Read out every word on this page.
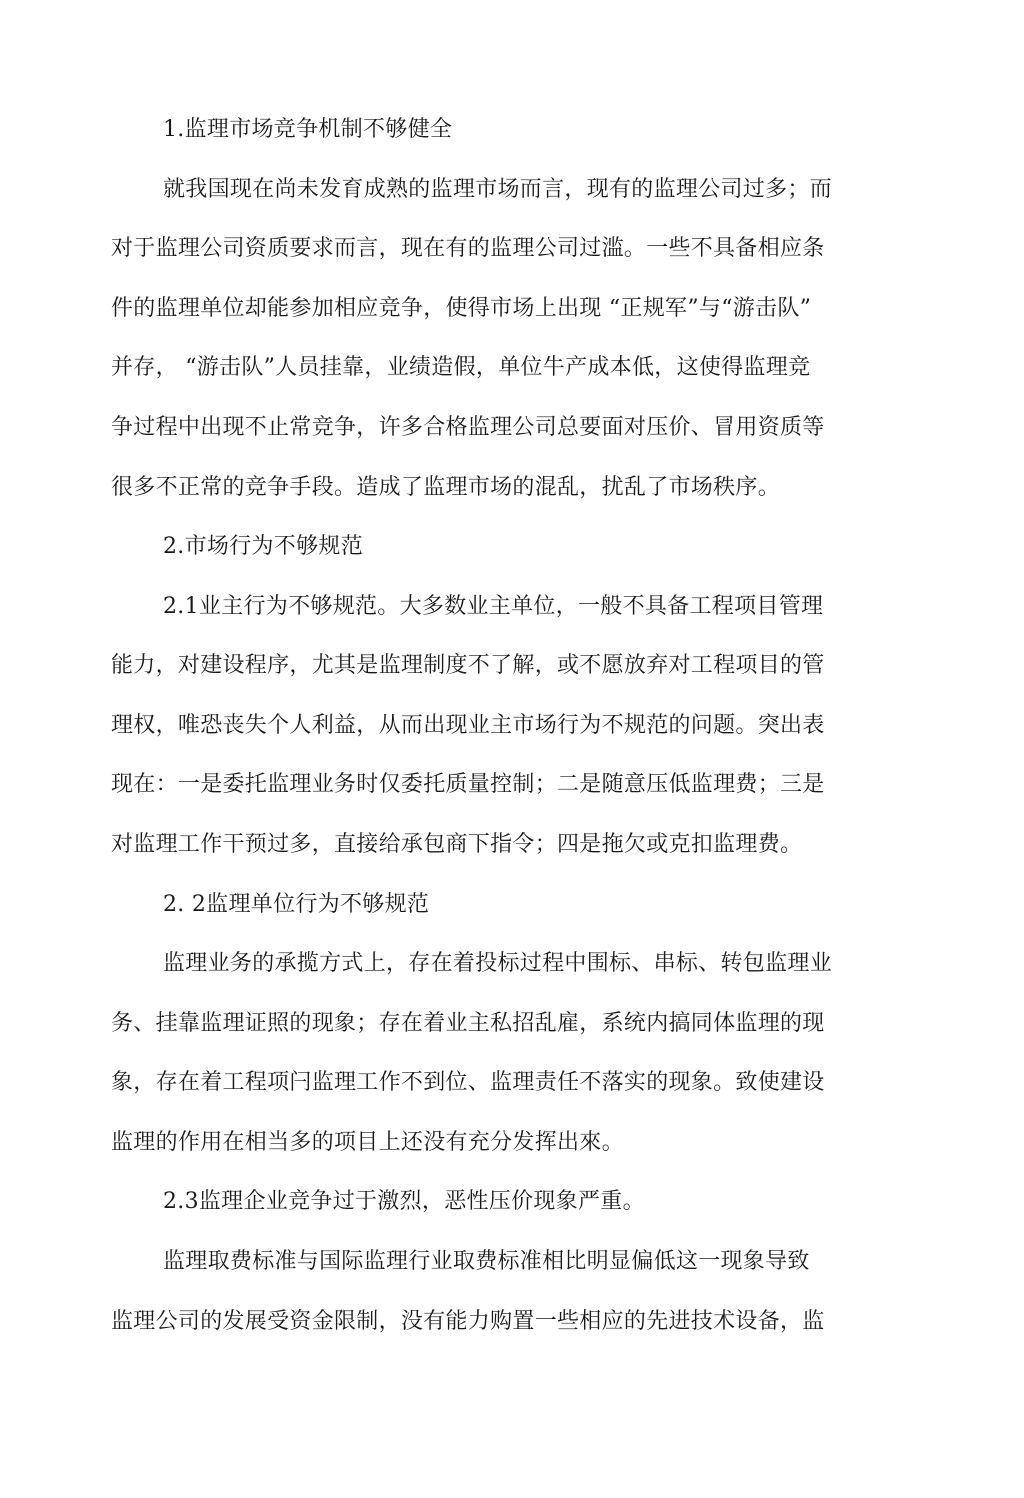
1.监理市场竞争机制不够健全
就我国现在尚未发育成熟的监理市场而言，现有的监理公司过多；而
对于监理公司资质要求而言，现在有的监理公司过滥。一些不具备相应条
件的监理单位却能参加相应竞争，使得市场上出现 “正规军”与“游击队”
并存， “游击队”人员挂靠，业绩造假，单位牛产成本低，这使得监理竞
争过程中出现不止常竞争，许多合格监理公司总要面对压价、冒用资质等
很多不正常的竞争手段。造成了监理市场的混乱，扰乱了市场秩序。
2.市场行为不够规范
2.1业主行为不够规范。大多数业主单位，一般不具备工程项目管理
能力，对建设程序，尤其是监理制度不了解，或不愿放弃对工程项目的管
理权，唯恐丧失个人利益，从而出现业主市场行为不规范的问题。突出表
现在：一是委托监理业务时仅委托质量控制；二是随意压低监理费；三是
对监理工作干预过多，直接给承包商下指令；四是拖欠或克扣监理费。
2. 2监理单位行为不够规范
监理业务的承揽方式上，存在着投标过程中围标、串标、转包监理业
务、挂靠监理证照的现象；存在着业主私招乱雇，系统内搞同体监理的现
象，存在着工程项闩监理工作不到位、监理责任不落实的现象。致使建设
监理的作用在相当多的项目上还没有充分发挥出來。
2.3监理企业竞争过于激烈，恶性压价现象严重。
监理取费标准与国际监理行业取费标准相比明显偏低这一现象导致
监理公司的发展受资金限制，没有能力购置一些相应的先进技术设备，监
